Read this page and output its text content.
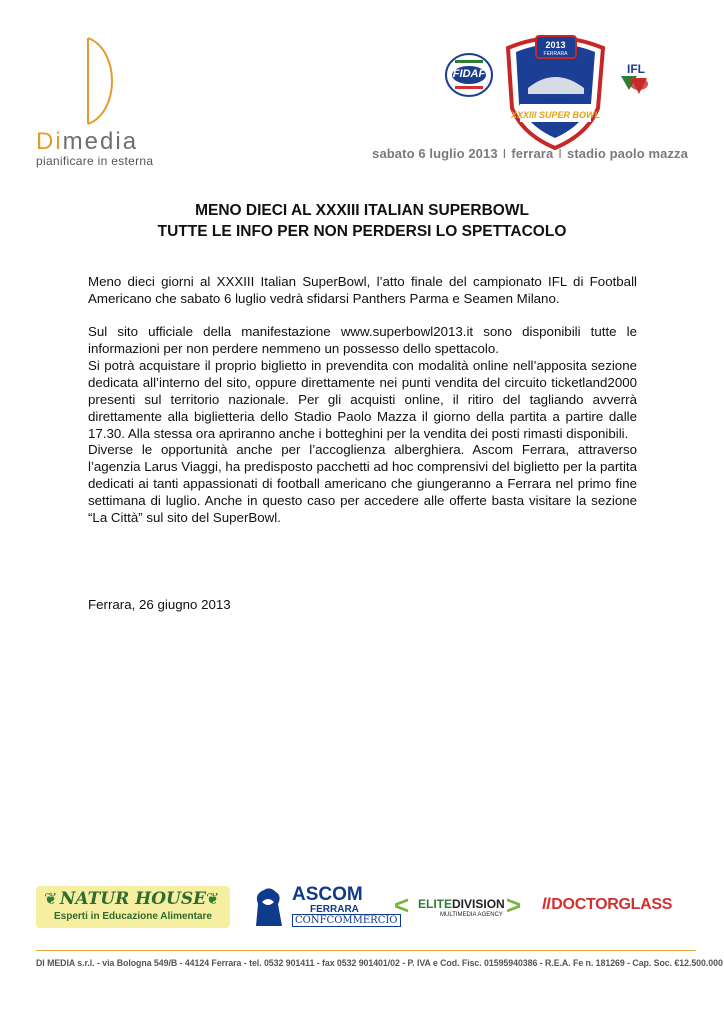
Dimedia
pianificare in esterna
FIDAF
2013
FERRARA
ITALIAN
XXXIII SUPER BOWL
IFL
sabato 6 luglio 2013 I ferrara I stadio paolo mazza
MENO DIECI AL XXXIII ITALIAN SUPERBOWL
TUTTE LE INFO PER NON PERDERSI LO SPETTACOLO

Meno dieci giorni al XXXIII Italian SuperBowl, l’atto finale del campionato IFL di Football Americano che sabato 6 luglio vedrà sfidarsi Panthers Parma e Seamen Milano.

Sul sito ufficiale della manifestazione www.superbowl2013.it sono disponibili tutte le informazioni per non perdere nemmeno un possesso dello spettacolo.

Si potrà acquistare il proprio biglietto in prevendita con modalità online nell’apposita sezione dedicata all’interno del sito, oppure direttamente nei punti vendita del circuito ticketland2000 presenti sul territorio nazionale. Per gli acquisti online, il ritiro del tagliando avverrà direttamente alla biglietteria dello Stadio Paolo Mazza il giorno della partita a partire dalle 17.30. Alla stessa ora apriranno anche i botteghini per la vendita dei posti rimasti disponibili.

Diverse le opportunità anche per l’accoglienza alberghiera. Ascom Ferrara, attraverso l’agenzia Larus Viaggi, ha predisposto pacchetti ad hoc comprensivi del biglietto per la partita dedicati ai tanti appassionati di football americano che giungeranno a Ferrara nel primo fine settimana di luglio. Anche in questo caso per accedere alle offerte basta visitare la sezione “La Città” sul sito del SuperBowl.

Ferrara, 26 giugno 2013
❦	❦
NATUR HOUSE
Esperti in Educazione Alimentare
ASCOM
FERRARA
CONFCOMMERCIO
< ELITEDIVISION
MULTIMEDIA AGENCY > llDOCTORGLASS
DI MEDIA s.r.l. - via Bologna 549/B - 44124 Ferrara - tel. 0532 901411 - fax 0532 901401/02 - P. IVA e Cod. Fisc. 01595940386 - R.E.A. Fe n. 181269 - Cap. Soc. €12.500.000
